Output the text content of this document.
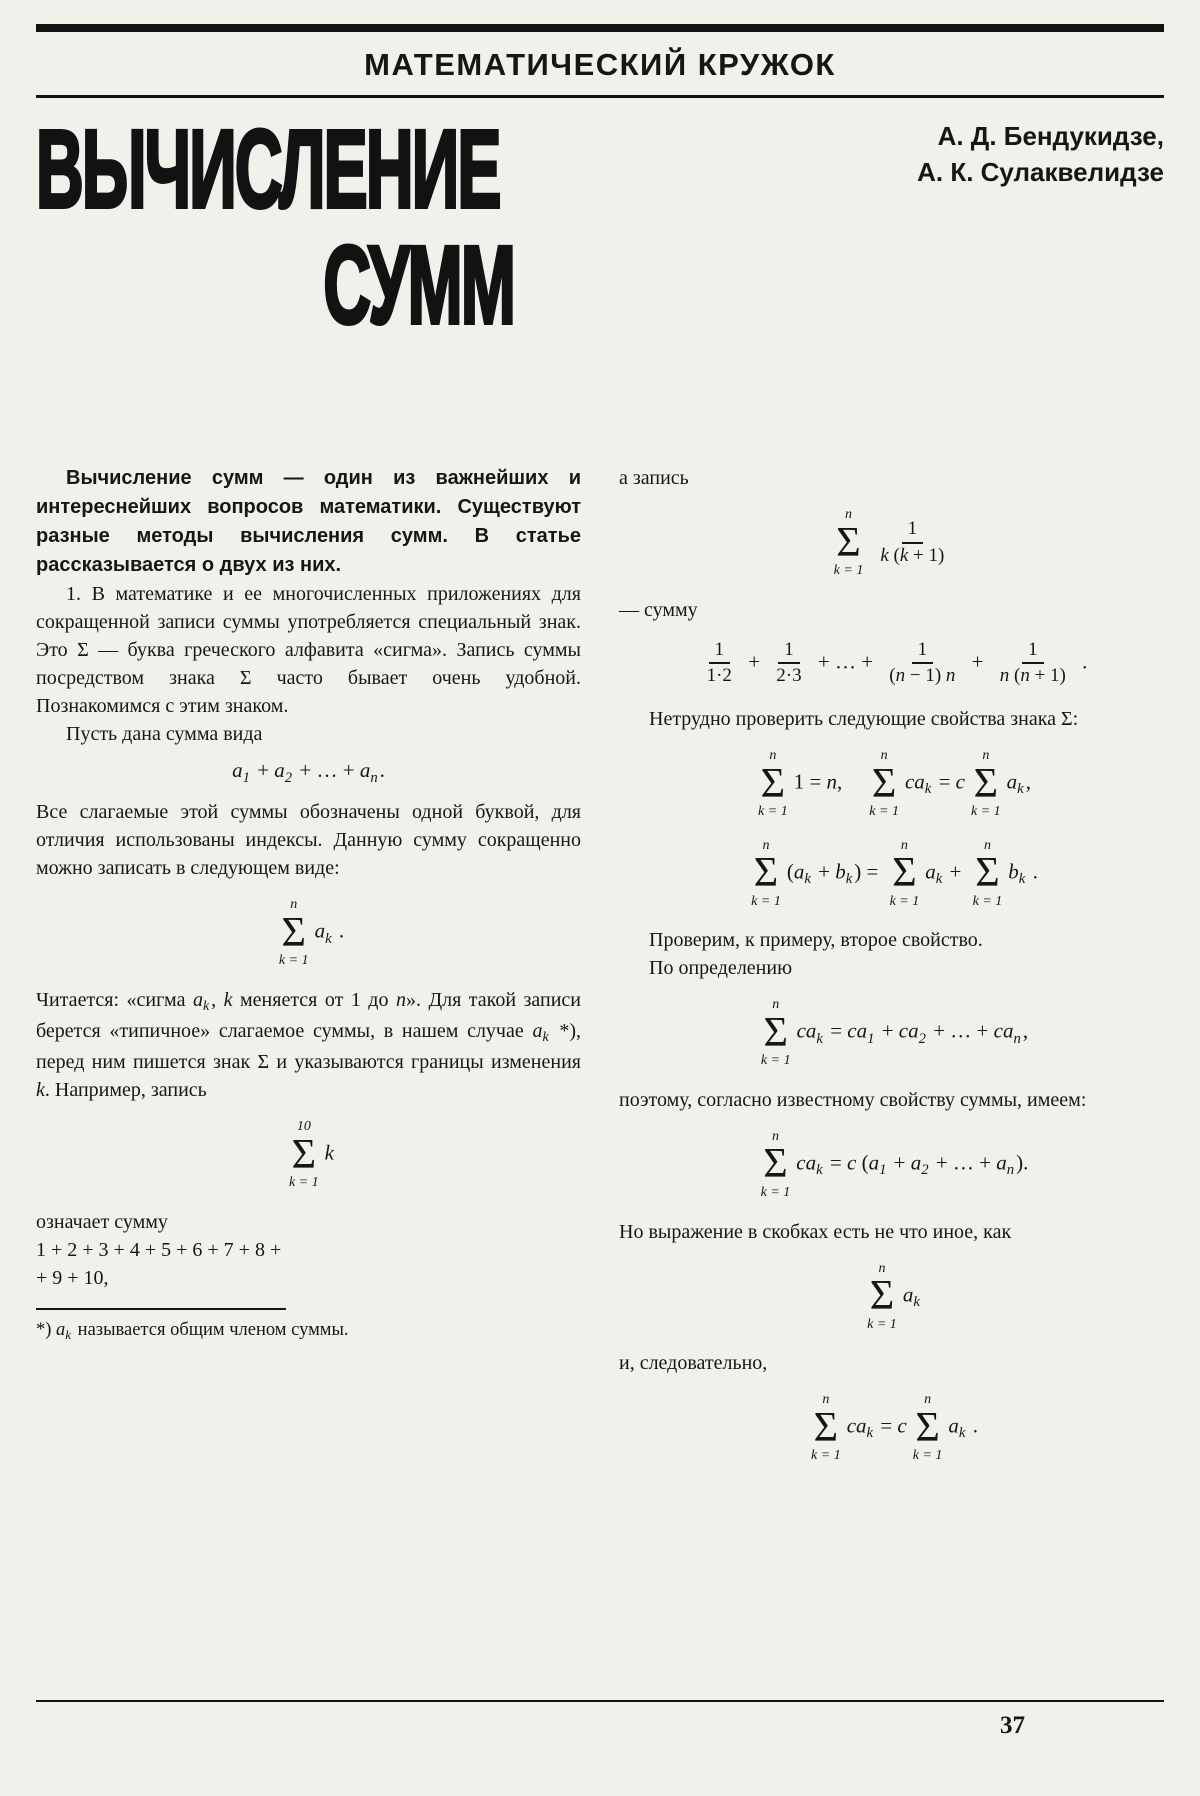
МАТЕМАТИЧЕСКИЙ КРУЖОК
ВЫЧИСЛЕНИЕ
СУММ
А. Д. Бендукидзе,
А. К. Сулаквелидзе

Вычисление сумм — один из важнейших и интереснейших вопросов математики. Существуют разные методы вычисления сумм. В статье рассказывается о двух из них.

1. В математике и ее многочисленных приложениях для сокращенной записи суммы употребляется специальный знак. Это Σ — буква греческого алфавита «сигма». Запись суммы посредством знака Σ часто бывает очень удобной. Познакомимся с этим знаком.

Пусть дана сумма вида

$a_1 + a_2$ + … + $a_n$.

Все слагаемые этой суммы обозначены одной буквой, для отличия использованы индексы. Данную сумму сокращенно можно записать в следующем виде:

n
Σ
k = 1
$a_k$ .

Читается: «сигма $a_k$ , k меняется от 1 до n». Для такой записи берется «типичное» слагаемое суммы, в нашем случае $a_k$ *), перед ним пишется знак Σ и указываются границы изменения k. Например, запись

10
Σ
k = 1
k

означает сумму

1 + 2 + 3 + 4 + 5 + 6 + 7 + 8 +

+ 9 + 10,

*) $a_k$ называется общим членом суммы.

а запись

n
Σ
k = 1
$\frac{1}{k (k + 1)}$

— сумму

$\frac{1}{1\cdot 2} + \frac{1}{2\cdot 3}$ + … + $\frac{1}{(n - 1) n} + \frac{1}{n (n + 1)}$ .

Нетрудно проверить следующие свойства знака Σ:

n
Σ
k = 1
1 = n,
n
Σ
k = 1
$ca_k = c$
n
Σ
k = 1
$a_k$,
n
Σ
k = 1
$(a_k + b_k)$ =
n
Σ
k = 1
$a_k$ +
n
Σ
k = 1
$b_k$ .

Проверим, к примеру, второе свойство.

По определению

n
Σ
k = 1
$ca_k = ca_1 + ca_2$ + … + $ca_n$,

поэтому, согласно известному свойству суммы, имеем:

n
Σ
k = 1
$ca_k = c$ ($a_1 + a_2$ + … + $a_n$).

Но выражение в скобках есть не что иное, как

n
Σ
k = 1
$a_k$

и, следовательно,

n
Σ
k = 1
$ca_k = c$
n
Σ
k = 1
$a_k$ .
37
